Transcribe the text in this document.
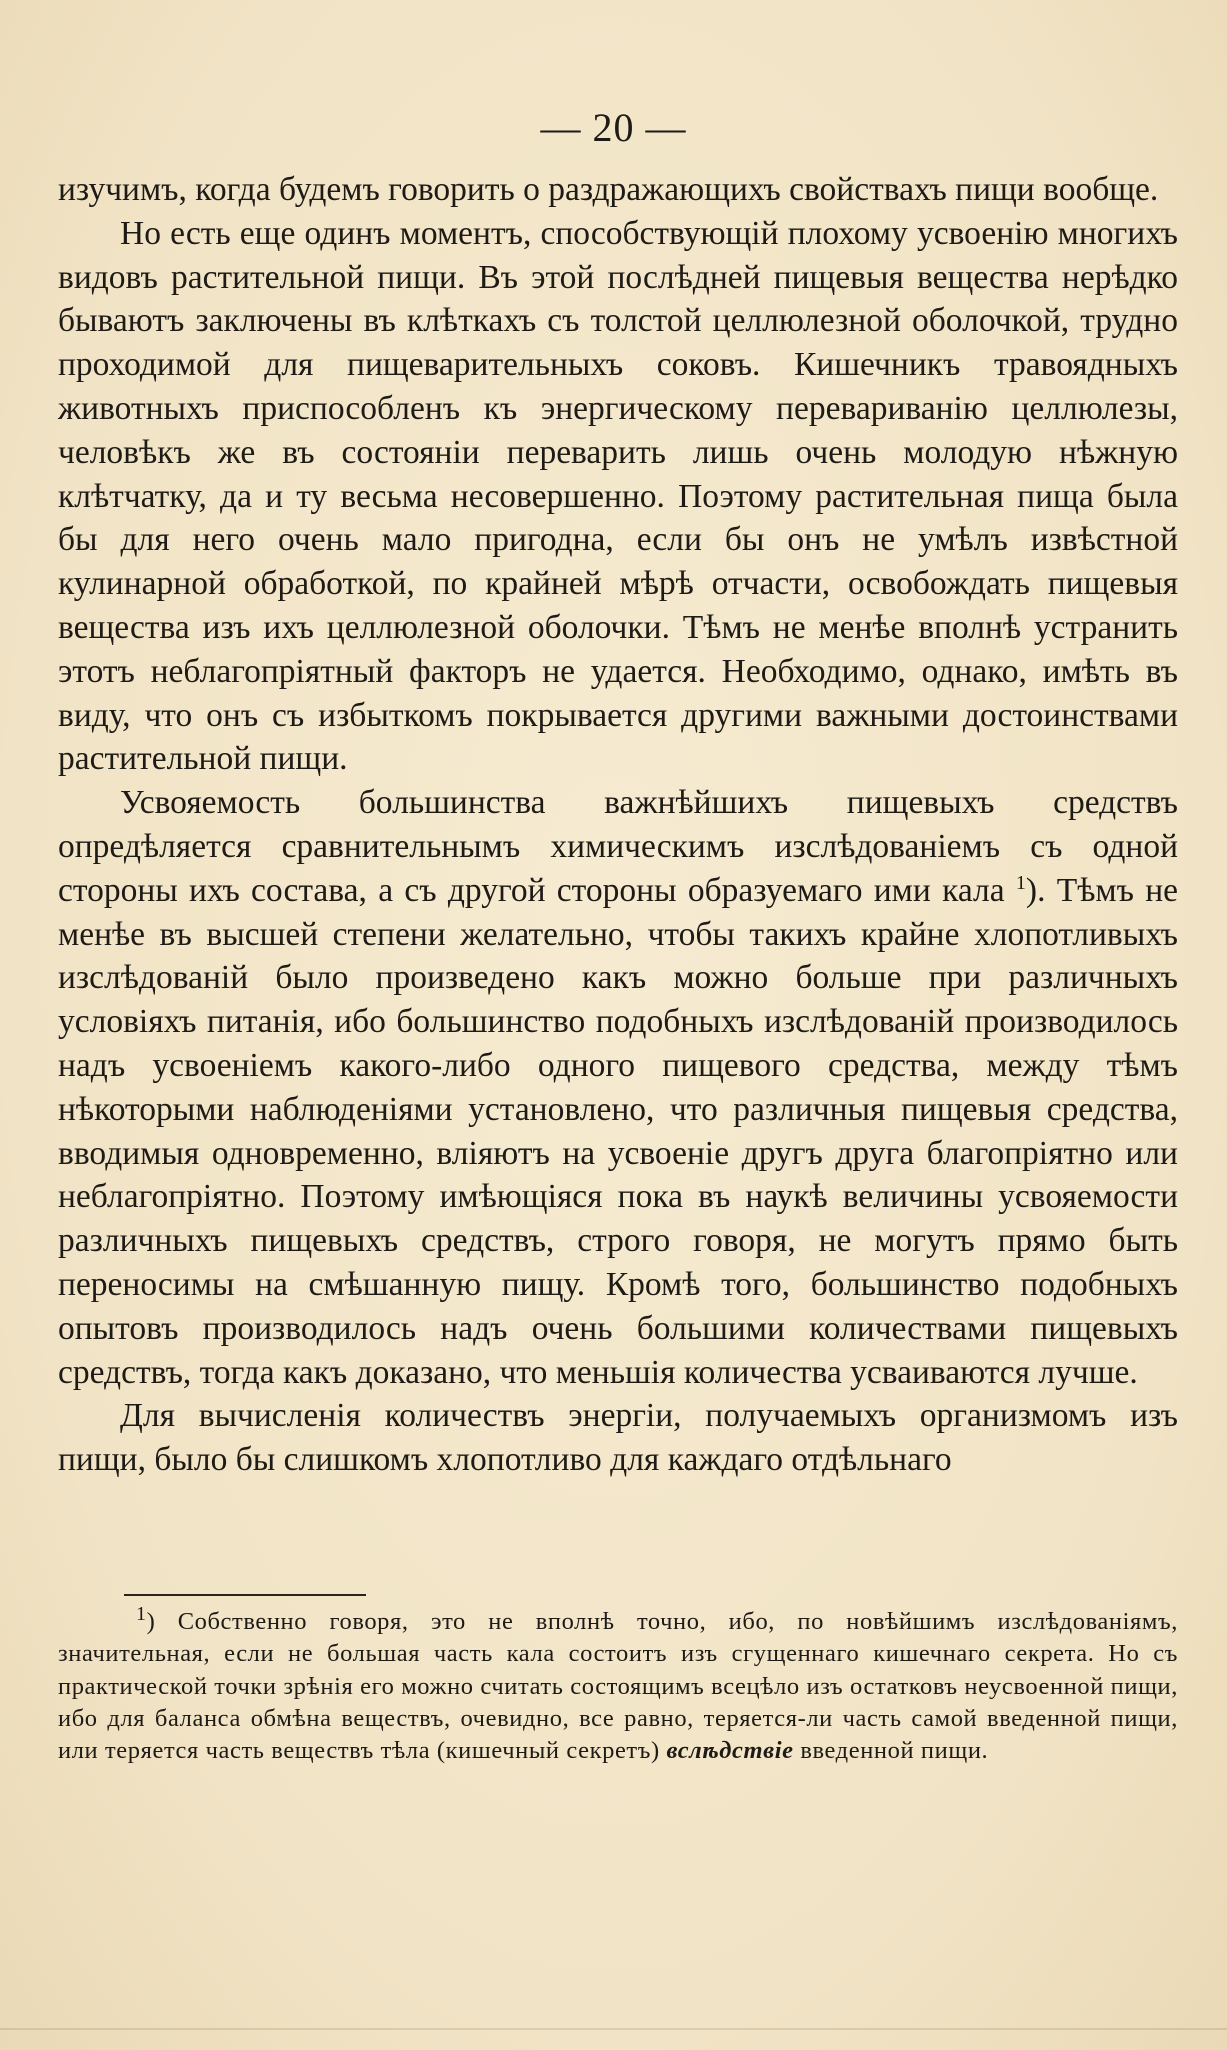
— 20 —

изучимъ, когда будемъ говорить о раздражающихъ свойствахъ пищи вообще.

Но есть еще одинъ моментъ, способствующій плохому усвоенію многихъ видовъ растительной пищи. Въ этой послѣдней пищевыя вещества нерѣдко бываютъ заключены въ клѣткахъ съ толстой целлюлезной оболочкой, трудно проходимой для пищеварительныхъ соковъ. Кишечникъ травоядныхъ животныхъ приспособленъ къ энергическому перевариванію целлюлезы, человѣкъ же въ состояніи переварить лишь очень молодую нѣжную клѣтчатку, да и ту весьма несовершенно. Поэтому растительная пища была бы для него очень мало пригодна, если бы онъ не умѣлъ извѣстной кулинарной обработкой, по крайней мѣрѣ отчасти, освобождать пищевыя вещества изъ ихъ целлюлезной оболочки. Тѣмъ не менѣе вполнѣ устранить этотъ неблагопріятный факторъ не удается. Необходимо, однако, имѣть въ виду, что онъ съ избыткомъ покрывается другими важными достоинствами растительной пищи.

Усвояемость большинства важнѣйшихъ пищевыхъ средствъ опредѣляется сравнительнымъ химическимъ изслѣдованіемъ съ одной стороны ихъ состава, а съ другой стороны образуемаго ими кала $^1$). Тѣмъ не менѣе въ высшей степени желательно, чтобы такихъ крайне хлопотливыхъ изслѣдованій было произведено какъ можно больше при различныхъ условіяхъ питанія, ибо большинство подобныхъ изслѣдованій производилось надъ усвоеніемъ какого-либо одного пищевого средства, между тѣмъ нѣкоторыми наблюденіями установлено, что различныя пищевыя средства, вводимыя одновременно, вліяютъ на усвоеніе другъ друга благопріятно или неблагопріятно. Поэтому имѣющіяся пока въ наукѣ величины усвояемости различныхъ пищевыхъ средствъ, строго говоря, не могутъ прямо быть переносимы на смѣшанную пищу. Кромѣ того, большинство подобныхъ опытовъ производилось надъ очень большими количествами пищевыхъ средствъ, тогда какъ доказано, что меньшія количества усваиваются лучше.

Для вычисленія количествъ энергіи, получаемыхъ организмомъ изъ пищи, было бы слишкомъ хлопотливо для каждаго отдѣльнаго

$^1$) Собственно говоря, это не вполнѣ точно, ибо, по новѣйшимъ изслѣдованіямъ, значительная, если не большая часть кала состоитъ изъ сгущеннаго кишечнаго секрета. Но съ практической точки зрѣнія его можно считать состоящимъ всецѣло изъ остатковъ неусвоенной пищи, ибо для баланса обмѣна веществъ, очевидно, все равно, теряется-ли часть самой введенной пищи, или теряется часть веществъ тѣла (кишечный секретъ) вслѣдствіе введенной пищи.
